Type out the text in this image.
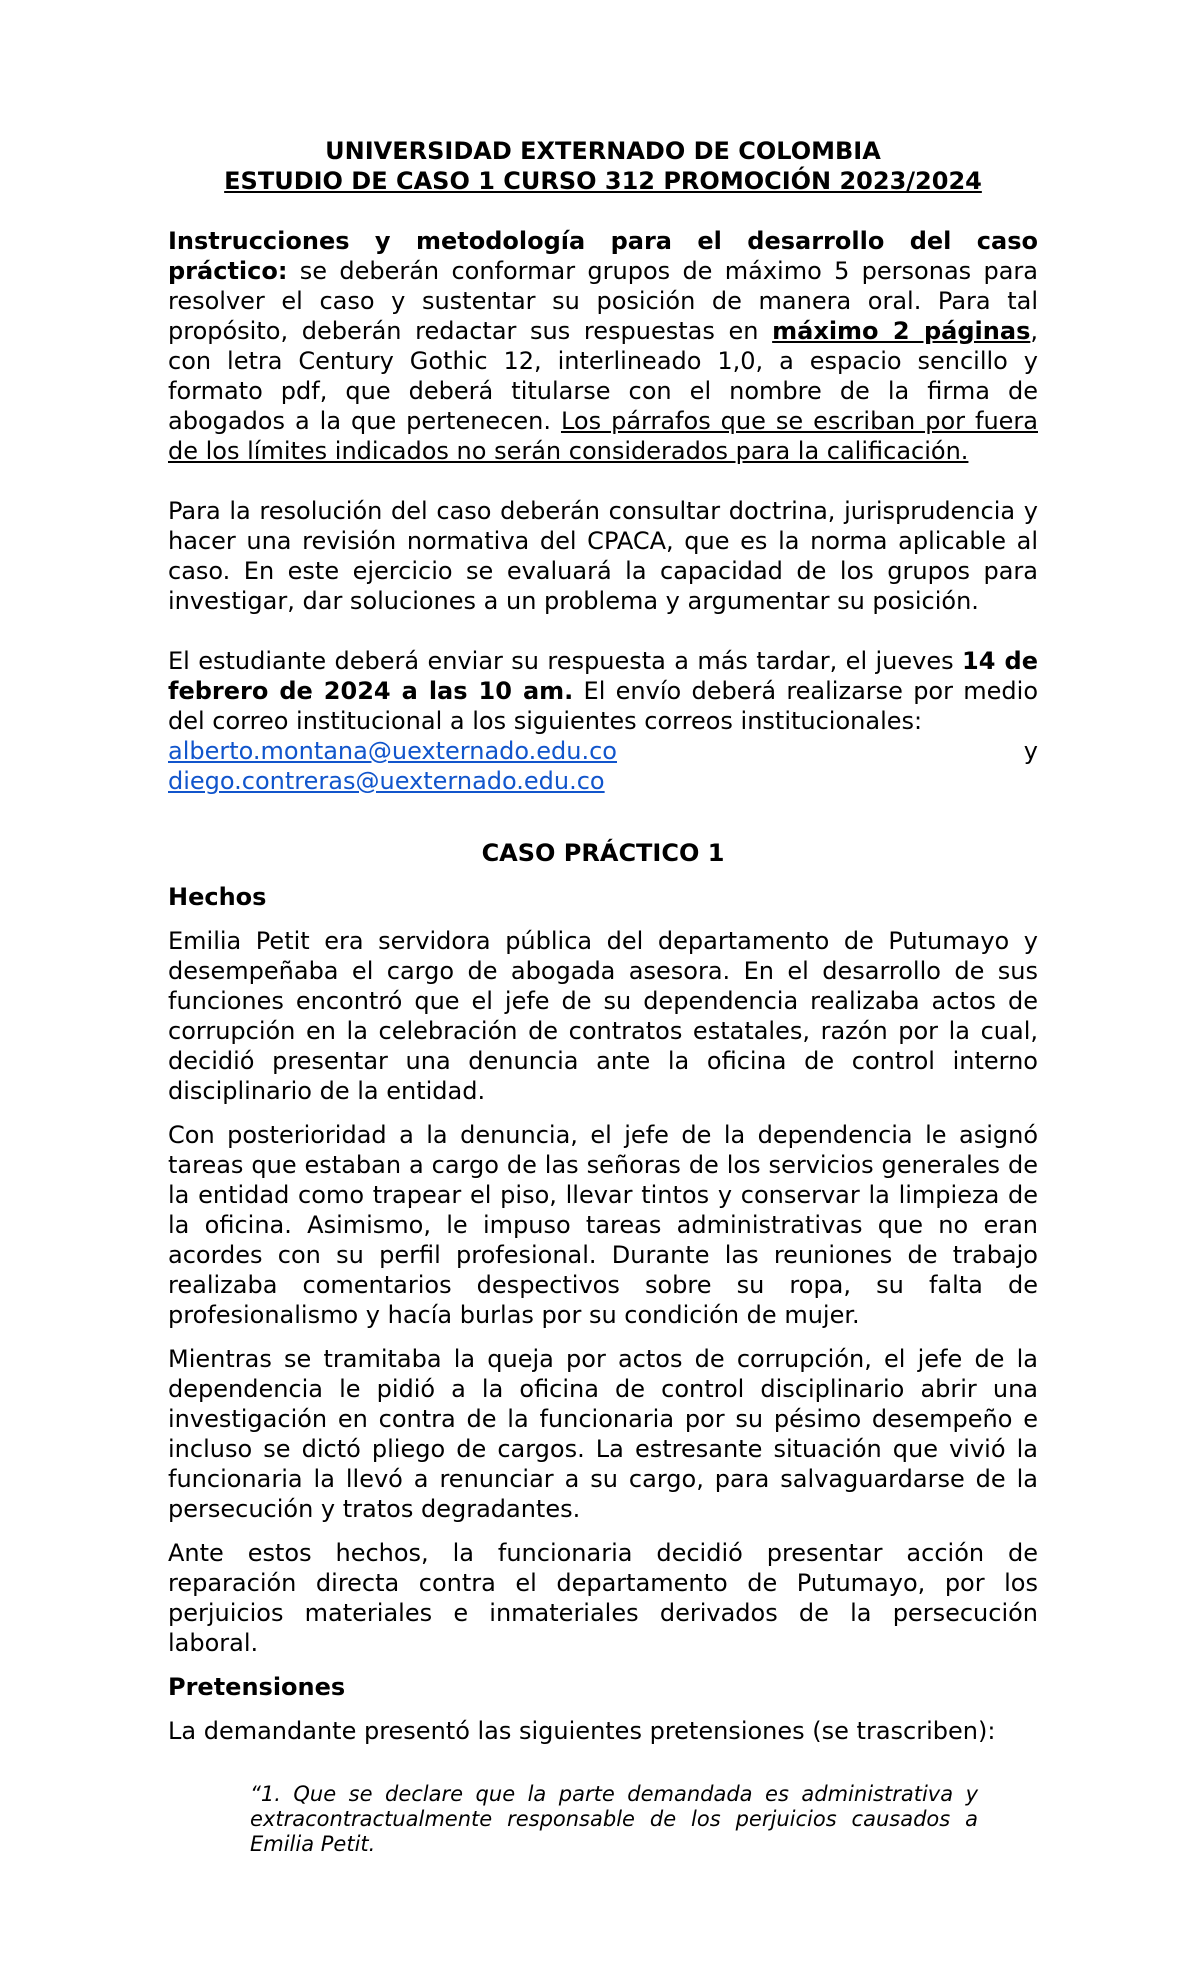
UNIVERSIDAD EXTERNADO DE COLOMBIA

ESTUDIO DE CASO 1 CURSO 312 PROMOCIÓN 2023/2024

Instrucciones y metodología para el desarrollo del caso práctico: se deberán conformar grupos de máximo 5 personas para resolver el caso y sustentar su posición de manera oral. Para tal propósito, deberán redactar sus respuestas en máximo 2 páginas, con letra Century Gothic 12, interlineado 1,0, a espacio sencillo y formato pdf, que deberá titularse con el nombre de la firma de abogados a la que pertenecen. Los párrafos que se escriban por fuera de los límites indicados no serán considerados para la calificación.

Para la resolución del caso deberán consultar doctrina, jurisprudencia y hacer una revisión normativa del CPACA, que es la norma aplicable al caso. En este ejercicio se evaluará la capacidad de los grupos para investigar, dar soluciones a un problema y argumentar su posición.

El estudiante deberá enviar su respuesta a más tardar, el jueves 14 de febrero de 2024 a las 10 am. El envío deberá realizarse por medio del correo institucional a los siguientes correos institucionales:

alberto.montana@uexternado.edu.co	y
diego.contreras@uexternado.edu.co

CASO PRÁCTICO 1

Hechos

Emilia Petit era servidora pública del departamento de Putumayo y desempeñaba el cargo de abogada asesora. En el desarrollo de sus funciones encontró que el jefe de su dependencia realizaba actos de corrupción en la celebración de contratos estatales, razón por la cual, decidió presentar una denuncia ante la oficina de control interno disciplinario de la entidad.

Con posterioridad a la denuncia, el jefe de la dependencia le asignó tareas que estaban a cargo de las señoras de los servicios generales de la entidad como trapear el piso, llevar tintos y conservar la limpieza de la oficina. Asimismo, le impuso tareas administrativas que no eran acordes con su perfil profesional. Durante las reuniones de trabajo realizaba comentarios despectivos sobre su ropa, su falta de profesionalismo y hacía burlas por su condición de mujer.

Mientras se tramitaba la queja por actos de corrupción, el jefe de la dependencia le pidió a la oficina de control disciplinario abrir una investigación en contra de la funcionaria por su pésimo desempeño e incluso se dictó pliego de cargos. La estresante situación que vivió la funcionaria la llevó a renunciar a su cargo, para salvaguardarse de la persecución y tratos degradantes.

Ante estos hechos, la funcionaria decidió presentar acción de reparación directa contra el departamento de Putumayo, por los perjuicios materiales e inmateriales derivados de la persecución laboral.

Pretensiones

La demandante presentó las siguientes pretensiones (se trascriben):

“1. Que se declare que la parte demandada es administrativa y extracontractualmente responsable de los perjuicios causados a Emilia Petit.
